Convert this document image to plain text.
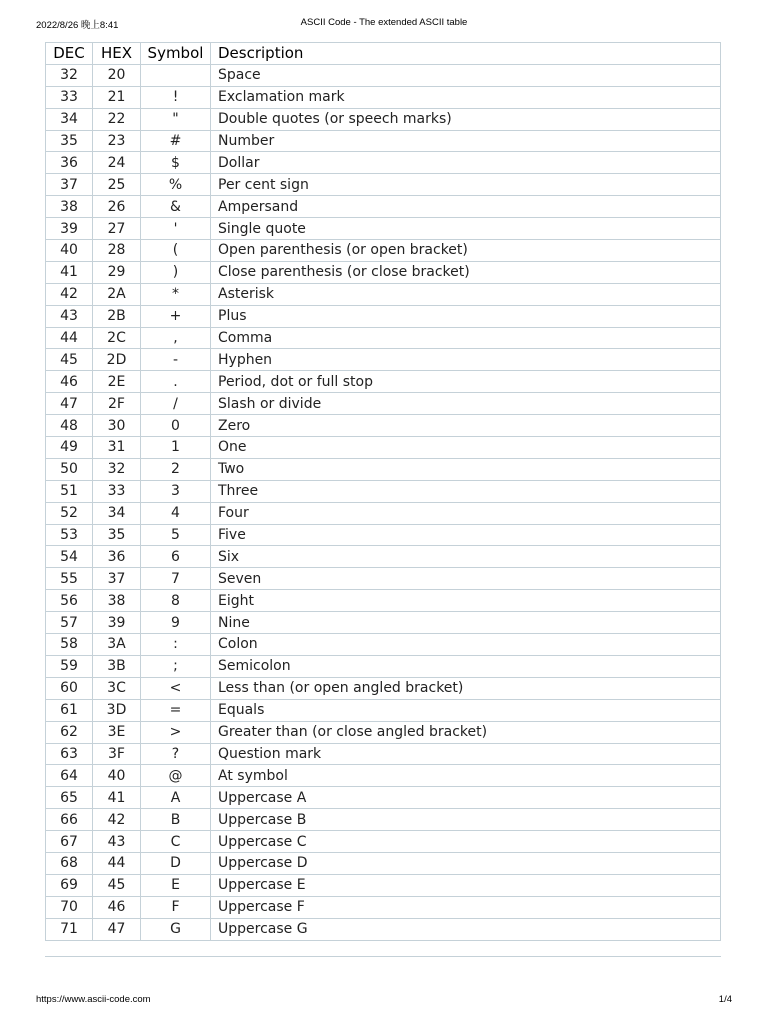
2022/8/26 晚上8:41	ASCII Code - The extended ASCII table
DEC	HEX	Symbol	Description
32	20		Space
33	21	!	Exclamation mark
34	22	"	Double quotes (or speech marks)
35	23	#	Number
36	24	$	Dollar
37	25	%	Per cent sign
38	26	&	Ampersand
39	27	'	Single quote
40	28	(	Open parenthesis (or open bracket)
41	29	)	Close parenthesis (or close bracket)
42	2A	*	Asterisk
43	2B	+	Plus
44	2C	,	Comma
45	2D	-	Hyphen
46	2E	.	Period, dot or full stop
47	2F	/	Slash or divide
48	30	0	Zero
49	31	1	One
50	32	2	Two
51	33	3	Three
52	34	4	Four
53	35	5	Five
54	36	6	Six
55	37	7	Seven
56	38	8	Eight
57	39	9	Nine
58	3A	:	Colon
59	3B	;	Semicolon
60	3C	<	Less than (or open angled bracket)
61	3D	=	Equals
62	3E	>	Greater than (or close angled bracket)
63	3F	?	Question mark
64	40	@	At symbol
65	41	A	Uppercase A
66	42	B	Uppercase B
67	43	C	Uppercase C
68	44	D	Uppercase D
69	45	E	Uppercase E
70	46	F	Uppercase F
71	47	G	Uppercase G
https://www.ascii-code.com	1/4
